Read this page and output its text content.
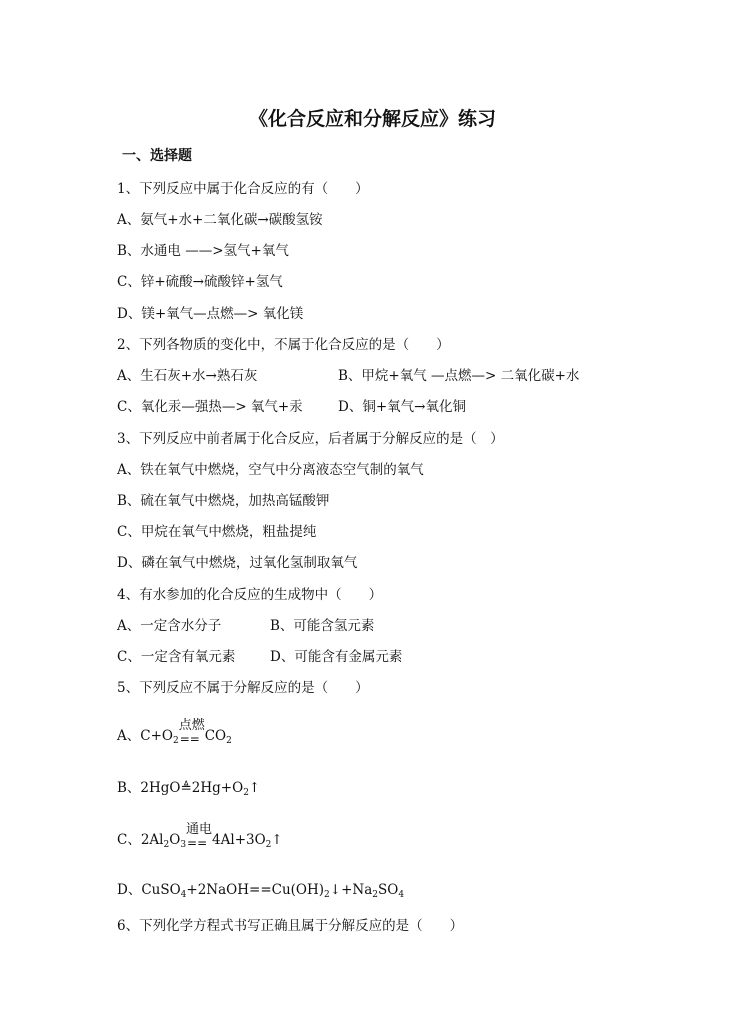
《化合反应和分解反应》练习
一、选择题
1、下列反应中属于化合反应的有（　　）
A、氨气+水+二氧化碳→碳酸氢铵
B、水通电 ——>氢气+氧气
C、锌+硫酸→硫酸锌+氢气
D、镁+氧气—点燃—> 氧化镁
2、下列各物质的变化中，不属于化合反应的是（　　）
A、生石灰+水→熟石灰	B、甲烷+氧气 —点燃—> 二氧化碳+水
C、氧化汞—强热—> 氧气+汞	D、铜+氧气→氧化铜
3、下列反应中前者属于化合反应，后者属于分解反应的是（　）
A、铁在氧气中燃烧，空气中分离液态空气制的氧气
B、硫在氧气中燃烧，加热高锰酸钾
C、甲烷在氧气中燃烧，粗盐提纯
D、磷在氧气中燃烧，过氧化氢制取氧气
4、有水参加的化合反应的生成物中（　　）
A、一定含水分子	B、可能含氢元素
C、一定含有氧元素	D、可能含有金属元素
5、下列反应不属于分解反应的是（　　）
A、$C+O_2$
点燃
== $CO_2$
B、$2HgO≜2Hg+O_2↑$
C、$2Al_2O_3$
通电
== $4Al+3O_2↑$
D、$CuSO_4+2NaOH==Cu(OH)_2↓+Na_2SO_4$
6、下列化学方程式书写正确且属于分解反应的是（　　）
